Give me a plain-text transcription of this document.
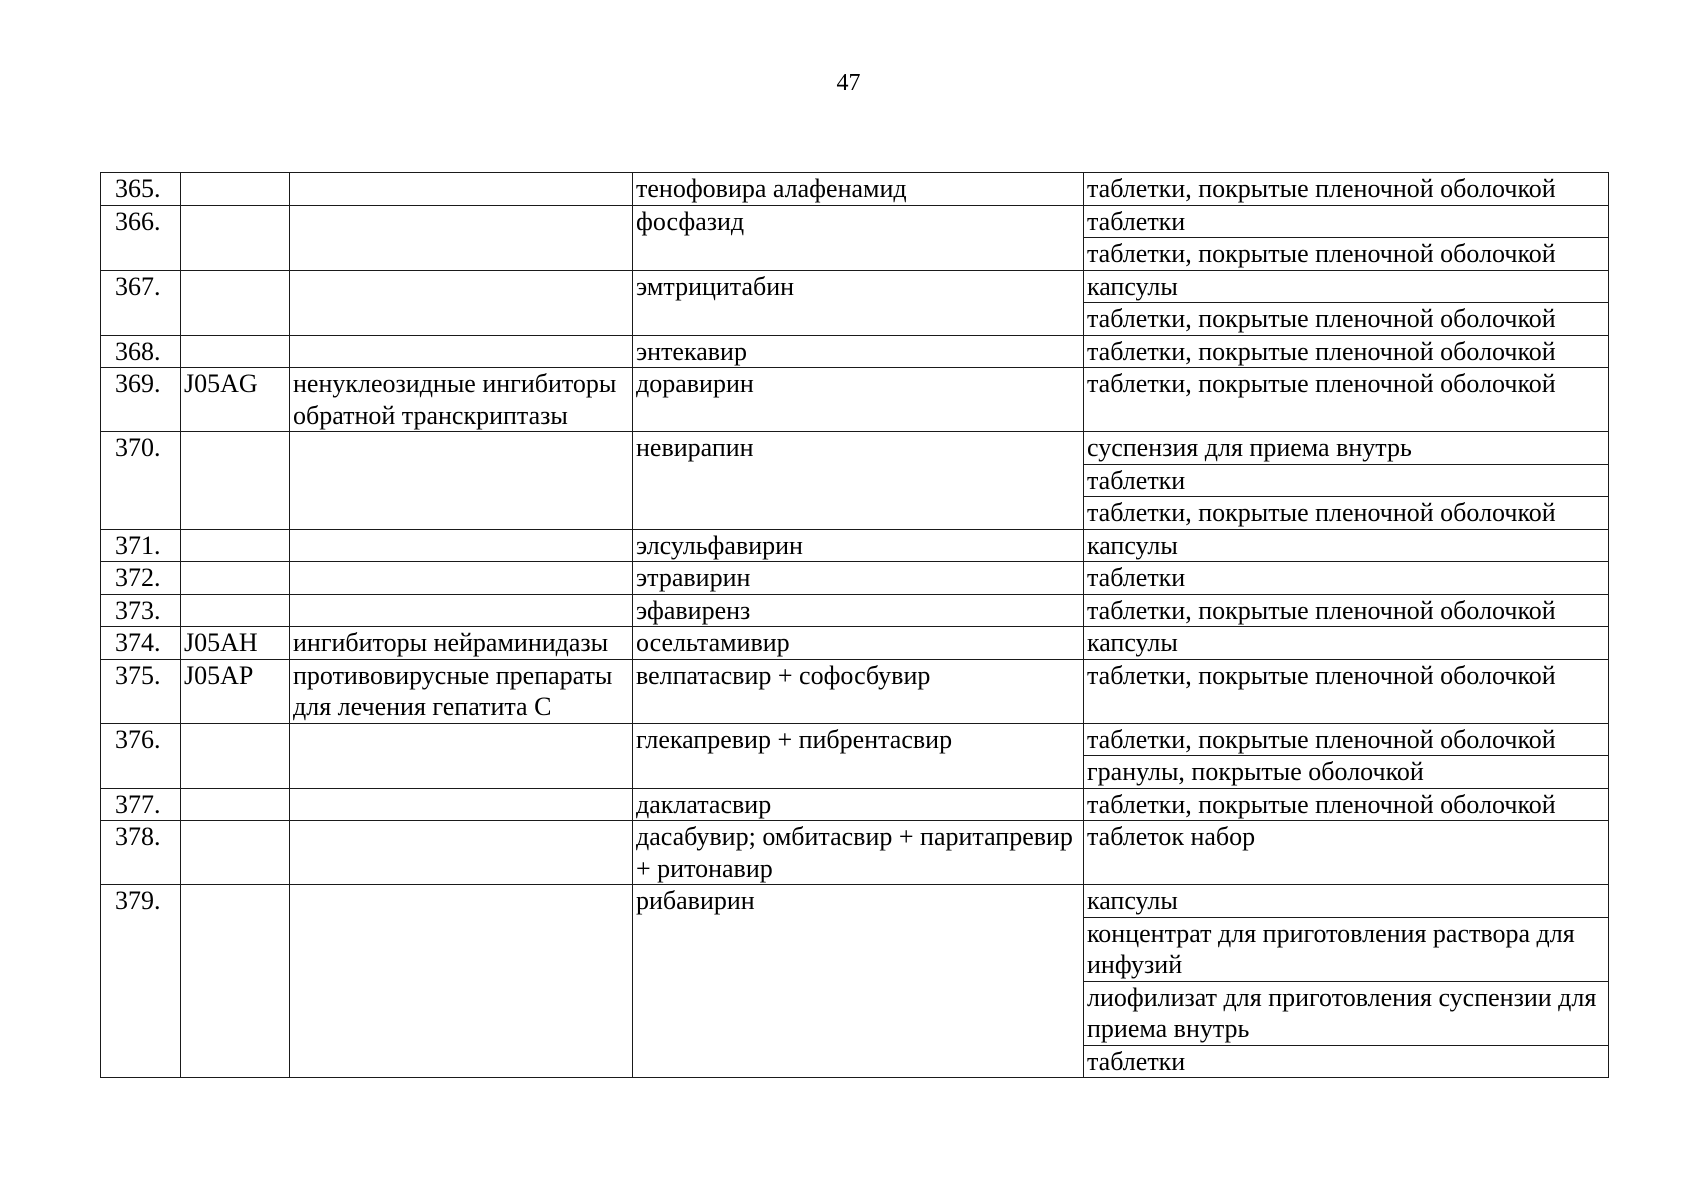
47
365.			тенофовира алафенамид	таблетки, покрытые пленочной оболочкой

366.			фосфазид	таблетки
таблетки, покрытые пленочной оболочкой

367.			эмтрицитабин	капсулы
таблетки, покрытые пленочной оболочкой

368.			энтекавир	таблетки, покрытые пленочной оболочкой

369.	J05AG	ненуклеозидные ингибиторы обратной транскриптазы	доравирин	таблетки, покрытые пленочной оболочкой

370.			невирапин	суспензия для приема внутрь
таблетки
таблетки, покрытые пленочной оболочкой

371.			элсульфавирин	капсулы

372.			этравирин	таблетки

373.			эфавиренз	таблетки, покрытые пленочной оболочкой

374.	J05AH	ингибиторы нейраминидазы	осельтамивир	капсулы

375.	J05AP	противовирусные препараты для лечения гепатита С	велпатасвир + софосбувир	таблетки, покрытые пленочной оболочкой

376.			глекапревир + пибрентасвир	таблетки, покрытые пленочной оболочкой
гранулы, покрытые оболочкой

377.			даклатасвир	таблетки, покрытые пленочной оболочкой

378.			дасабувир; омбитасвир + паритапревир + ритонавир	таблеток набор

379.			рибавирин	капсулы
концентрат для приготовления раствора для инфузий
лиофилизат для приготовления суспензии для приема внутрь
таблетки
